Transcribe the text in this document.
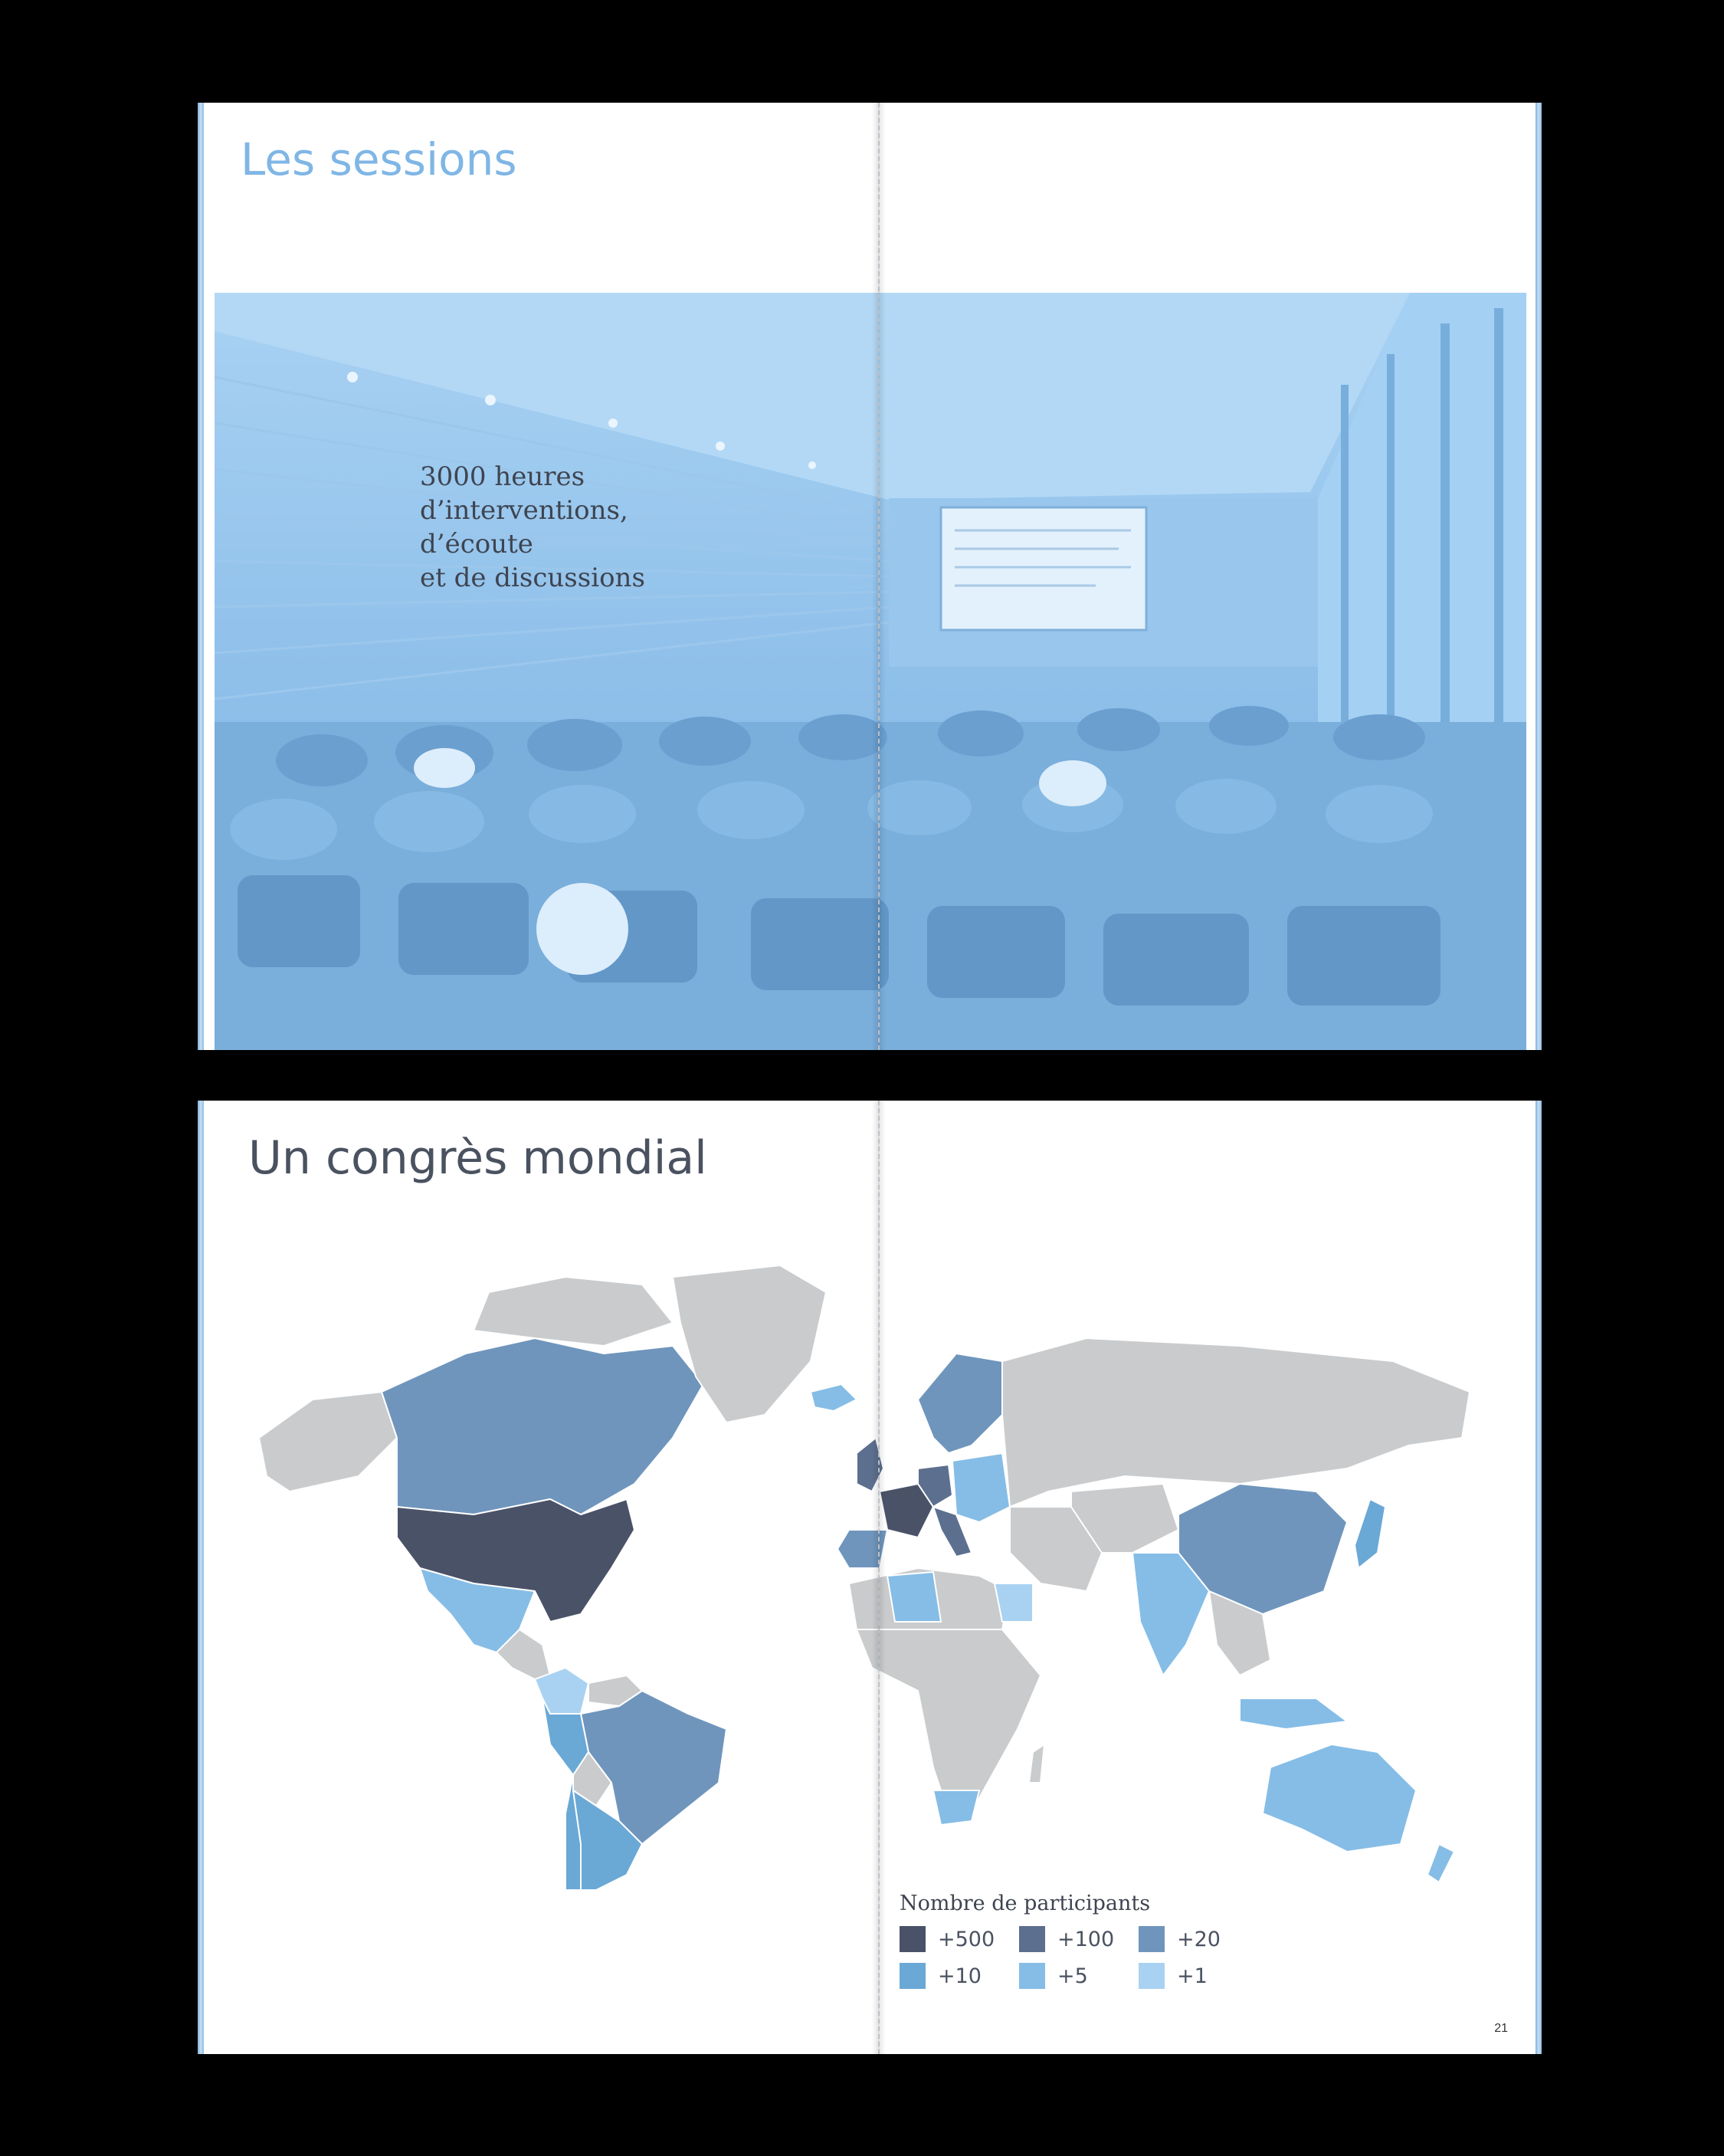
Les sessions
3000 heures
d’interventions,
d’écoute
et de discussions
Un congrès mondial
Nombre de participants
+500	+100	+20
+10	+5	+1
21
